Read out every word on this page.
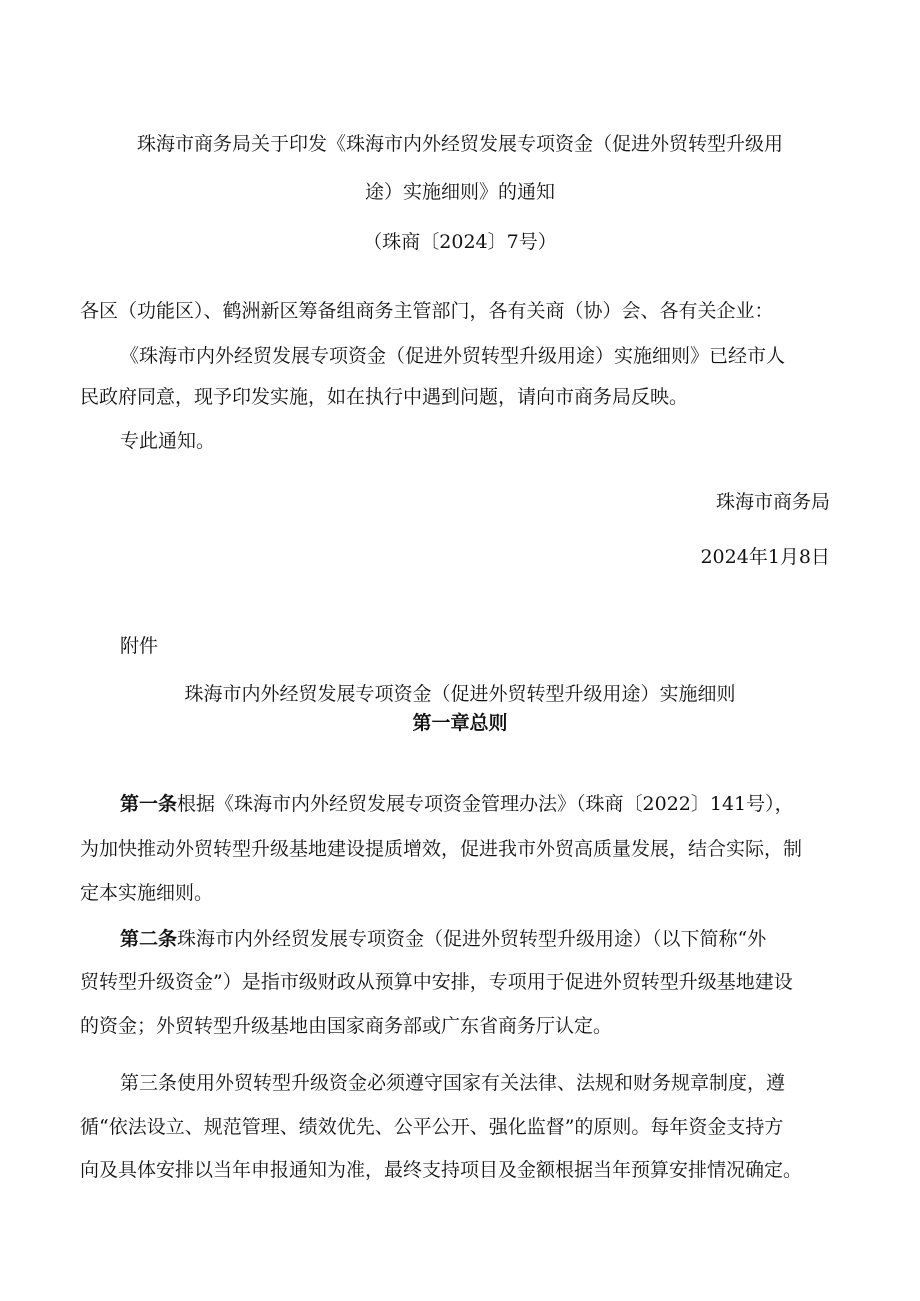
珠海市商务局关于印发《珠海市内外经贸发展专项资金（促进外贸转型升级用
途）实施细则》的通知
（珠商〔2024〕7号）
各区（功能区）、鹤洲新区筹备组商务主管部门，各有关商（协）会、各有关企业：
《珠海市内外经贸发展专项资金（促进外贸转型升级用途）实施细则》已经市人
民政府同意，现予印发实施，如在执行中遇到问题，请向市商务局反映。
专此通知。
珠海市商务局
2024年1月8日
附件
珠海市内外经贸发展专项资金（促进外贸转型升级用途）实施细则
第一章总则
第一条根据《珠海市内外经贸发展专项资金管理办法》（珠商〔2022〕141号），
为加快推动外贸转型升级基地建设提质增效，促进我市外贸高质量发展，结合实际，制
定本实施细则。
第二条珠海市内外经贸发展专项资金（促进外贸转型升级用途）（以下简称“外
贸转型升级资金”）是指市级财政从预算中安排，专项用于促进外贸转型升级基地建设
的资金；外贸转型升级基地由国家商务部或广东省商务厅认定。
第三条使用外贸转型升级资金必须遵守国家有关法律、法规和财务规章制度，遵
循“依法设立、规范管理、绩效优先、公平公开、强化监督”的原则。每年资金支持方
向及具体安排以当年申报通知为准，最终支持项目及金额根据当年预算安排情况确定。
